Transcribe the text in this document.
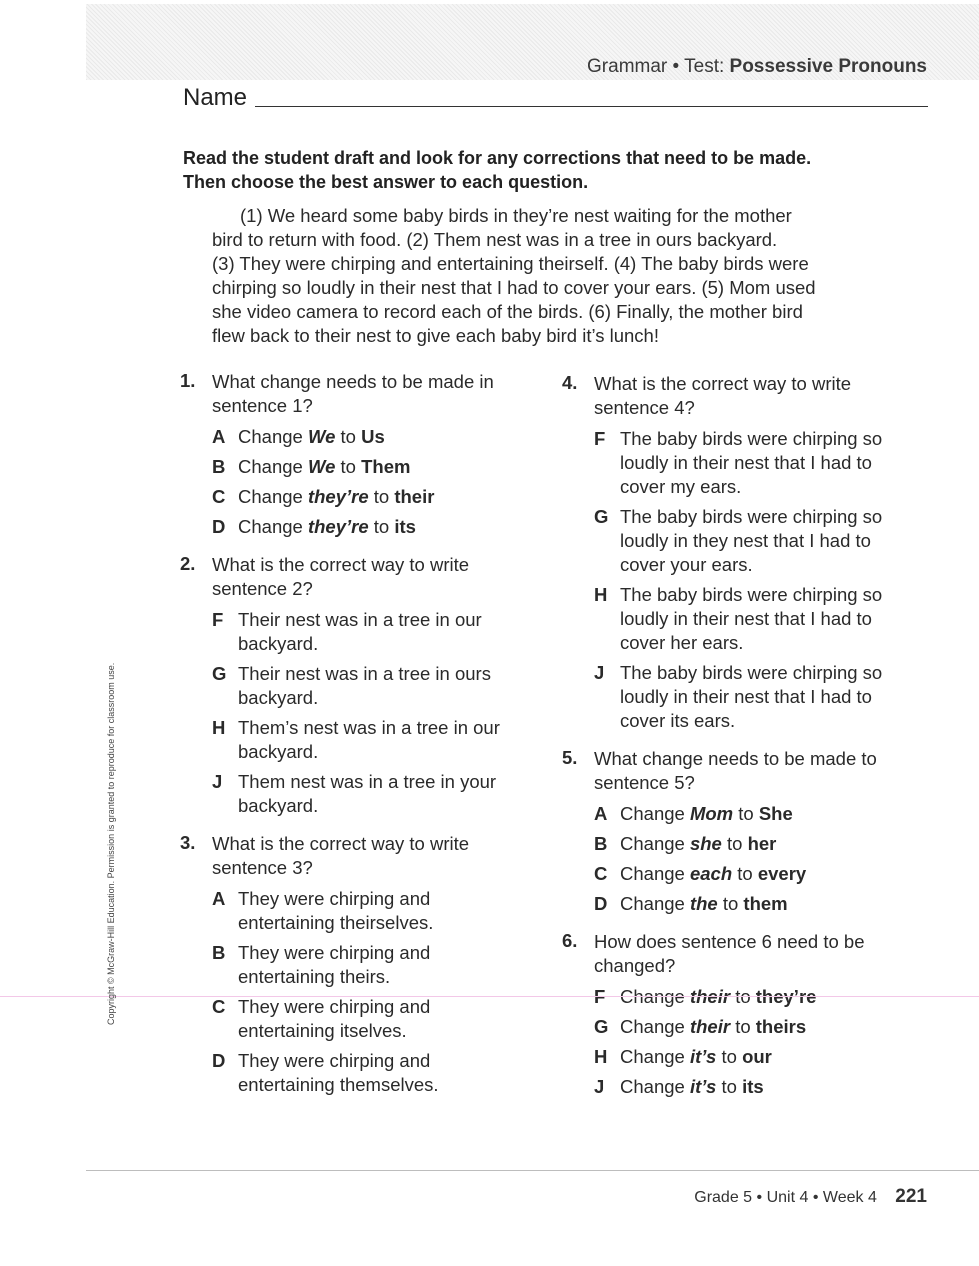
Grammar • Test: Possessive Pronouns
Name
Read the student draft and look for any corrections that need to be made. Then choose the best answer to each question.
(1) We heard some baby birds in they’re nest waiting for the mother
bird to return with food. (2) Them nest was in a tree in ours backyard.
(3) They were chirping and entertaining theirself. (4) The baby birds were
chirping so loudly in their nest that I had to cover your ears. (5) Mom used
she video camera to record each of the birds. (6) Finally, the mother bird
flew back to their nest to give each baby bird it’s lunch!
1. What change needs to be made in sentence 1?
A Change We to Us
B Change We to Them
C Change they’re to their
D Change they’re to its
2. What is the correct way to write sentence 2?
F Their nest was in a tree in our backyard.
G Their nest was in a tree in ours backyard.
H Them’s nest was in a tree in our backyard.
J Them nest was in a tree in your backyard.
3. What is the correct way to write sentence 3?
A They were chirping and entertaining theirselves.
B They were chirping and entertaining theirs.
C They were chirping and entertaining itselves.
D They were chirping and entertaining themselves.
4. What is the correct way to write sentence 4?
F The baby birds were chirping so loudly in their nest that I had to cover my ears.
G The baby birds were chirping so loudly in they nest that I had to cover your ears.
H The baby birds were chirping so loudly in their nest that I had to cover her ears.
J The baby birds were chirping so loudly in their nest that I had to cover its ears.
5. What change needs to be made to sentence 5?
A Change Mom to She
B Change she to her
C Change each to every
D Change the to them
6. How does sentence 6 need to be changed?
F Change their to they’re
G Change their to theirs
H Change it’s to our
J Change it’s to its
Copyright © McGraw-Hill Education. Permission is granted to reproduce for classroom use.
Grade 5 • Unit 4 • Week 4 221
